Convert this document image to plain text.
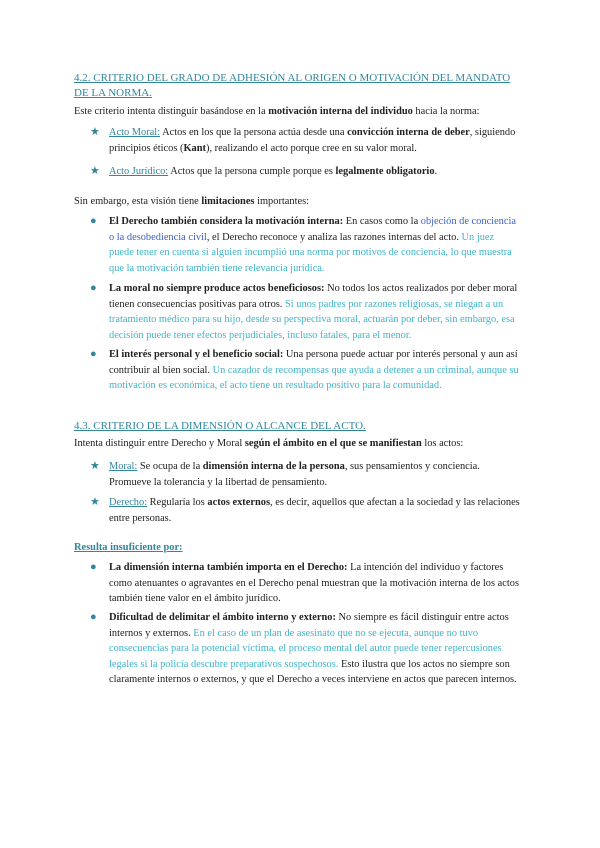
4.2. CRITERIO DEL GRADO DE ADHESIÓN AL ORIGEN O MOTIVACIÓN DEL MANDATO DE LA NORMA.

Este criterio intenta distinguir basándose en la motivación interna del individuo hacia la norma:

★ Acto Moral: Actos en los que la persona actúa desde una convicción interna de deber, siguiendo principios éticos (Kant), realizando el acto porque cree en su valor moral.

★ Acto Jurídico: Actos que la persona cumple porque es legalmente obligatorio.

Sin embargo, esta visión tiene limitaciones importantes:

●	El Derecho también considera la motivación interna: En casos como la objeción de conciencia o la desobediencia civil, el Derecho reconoce y analiza las razones internas del acto. Un juez puede tener en cuenta si alguien incumplió una norma por motivos de conciencia, lo que muestra que la motivación también tiene relevancia jurídica.

●	La moral no siempre produce actos beneficiosos: No todos los actos realizados por deber moral tienen consecuencias positivas para otros. Si unos padres por razones religiosas, se niegan a un tratamiento médico para su hijo, desde su perspectiva moral, actuarán por deber, sin embargo, esa decisión puede tener efectos perjudiciales, incluso fatales, para el menor.

●	El interés personal y el beneficio social: Una persona puede actuar por interés personal y aun así contribuir al bien social. Un cazador de recompensas que ayuda a detener a un criminal, aunque su motivación es económica, el acto tiene un resultado positivo para la comunidad.

4.3. CRITERIO DE LA DIMENSIÓN O ALCANCE DEL ACTO.

Intenta distinguir entre Derecho y Moral según el ámbito en el que se manifiestan los actos:

★ Moral: Se ocupa de la dimensión interna de la persona, sus pensamientos y conciencia. Promueve la tolerancia y la libertad de pensamiento.

★ Derecho: Regularía los actos externos, es decir, aquellos que afectan a la sociedad y las relaciones entre personas.

Resulta insuficiente por:

●	La dimensión interna también importa en el Derecho: La intención del individuo y factores como atenuantes o agravantes en el Derecho penal muestran que la motivación interna de los actos también tiene valor en el ámbito jurídico.

●	Dificultad de delimitar el ámbito interno y externo: No siempre es fácil distinguir entre actos internos y externos. En el caso de un plan de asesinato que no se ejecuta, aunque no tuvo consecuencias para la potencial víctima, el proceso mental del autor puede tener repercusiones legales si la policía descubre preparativos sospechosos. Esto ilustra que los actos no siempre son claramente internos o externos, y que el Derecho a veces interviene en actos que parecen internos.
